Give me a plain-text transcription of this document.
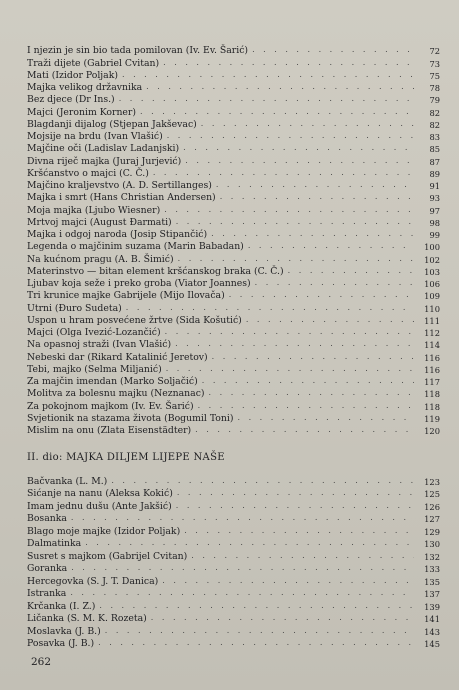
I njezin je sin bio tada pomilovan (Iv. Ev. Šarić) . . .	72
Traži dijete (Gabriel Cvitan) . . .	73
Mati (Izidor Poljak) . . .	75
Majka velikog državnika . . .	78
Bez djece (Dr Ins.) . . .	79
Majci (Jeronim Korner) . . .	82
Blagdanji dijalog (Stjepan Jakševac) . . .	82
Mojsije na brdu (Ivan Vlašić) . . .	83
Majčine oči (Ladislav Ladanjski) . . .	85
Divna riječ majka (Juraj Jurjević) . . .	87
Kršćanstvo o majci (C. Č.) . . .	89
Majčino kraljevstvo (A. D. Sertillanges) . . .	91
Majka i smrt (Hans Christian Andersen) . . .	93
Moja majka (Ljubo Wiesner) . . .	97
Mrtvoj majci (August Đarmati) . . .	98
Majka i odgoj naroda (Josip Stipančić) . . .	99
Legenda o majčinim suzama (Marin Babadan) . . .	100
Na kućnom pragu (A. B. Šimić) . . .	102
Materinstvo — bitan element kršćanskog braka (C. Č.) . . .	103
Ljubav koja seže i preko groba (Viator Joannes) . . .	106
Tri krunice majke Gabrijele (Mijo Ilovača) . . .	109
Utrni (Đuro Sudeta) . . .	110
Uspon u hram posvećene žrtve (Sida Košutić) . . .	111
Majci (Olga Ivezić-Lozančić) . . .	112
Na opasnoj straži (Ivan Vlašić) . . .	114
Nebeski dar (Rikard Katalinić Jeretov) . . .	116
Tebi, majko (Selma Miljanić) . . .	116
Za majčin imendan (Marko Soljačić) . . .	117
Molitva za bolesnu majku (Neznanac) . . .	118
Za pokojnom majkom (Iv. Ev. Šarić) . . .	118
Svjetionik na stazama života (Bogumil Toni) . . .	119
Mislim na onu (Zlata Eisenstädter) . . .	120
II. dio: MAJKA DILJEM LIJEPE NAŠE
Bačvanka (L. M.) . . .	123
Sićanje na nanu (Aleksa Kokić) . . .	125
Imam jednu dušu (Ante Jakšić) . . .	126
Bosanka . . .	127
Blago moje majke (Izidor Poljak) . . .	129
Dalmatinka . . .	130
Susret s majkom (Gabrijel Cvitan) . . .	132
Goranka . . .	133
Hercegovka (S. J. T. Danica) . . .	135
Istranka . . .	137
Krčanka (I. Z.) . . .	139
Ličanka (S. M. K. Rozeta) . . .	141
Moslavka (J. B.) . . .	143
Posavka (J. B.) . . .	145
262
